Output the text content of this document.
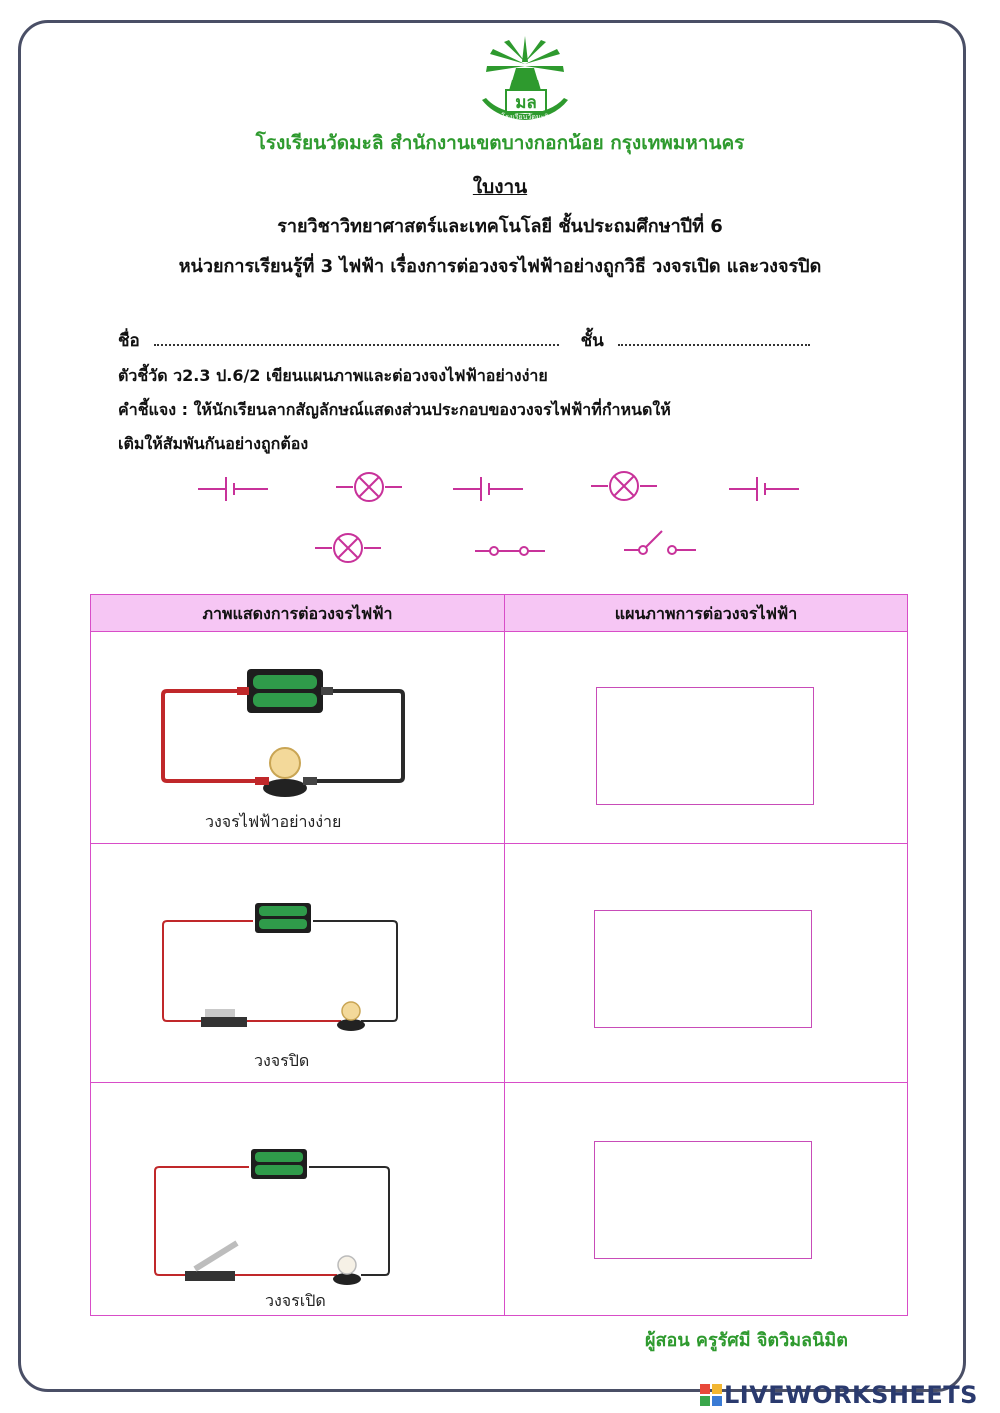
มล
โรงเรียนวัดมะลิ
โรงเรียนวัดมะลิ สำนักงานเขตบางกอกน้อย กรุงเทพมหานคร
ใบงาน
รายวิชาวิทยาศาสตร์และเทคโนโลยี ชั้นประถมศึกษาปีที่ 6
หน่วยการเรียนรู้ที่ 3 ไฟฟ้า เรื่องการต่อวงจรไฟฟ้าอย่างถูกวิธี วงจรเปิด และวงจรปิด
ชื่อ	ชั้น
ตัวชี้วัด ว2.3 ป.6/2 เขียนแผนภาพและต่อวงจงไฟฟ้าอย่างง่าย
คำชี้แจง : ให้นักเรียนลากสัญลักษณ์แสดงส่วนประกอบของวงจรไฟฟ้าที่กำหนดให้
เติมให้สัมพันกันอย่างถูกต้อง
ภาพแสดงการต่อวงจรไฟฟ้า	แผนภาพการต่อวงจรไฟฟ้า
วงจรไฟฟ้าอย่างง่าย
วงจรปิด
วงจรเปิด
ผู้สอน ครูรัศมี จิตวิมลนิมิต
LIVEWORKSHEETS
